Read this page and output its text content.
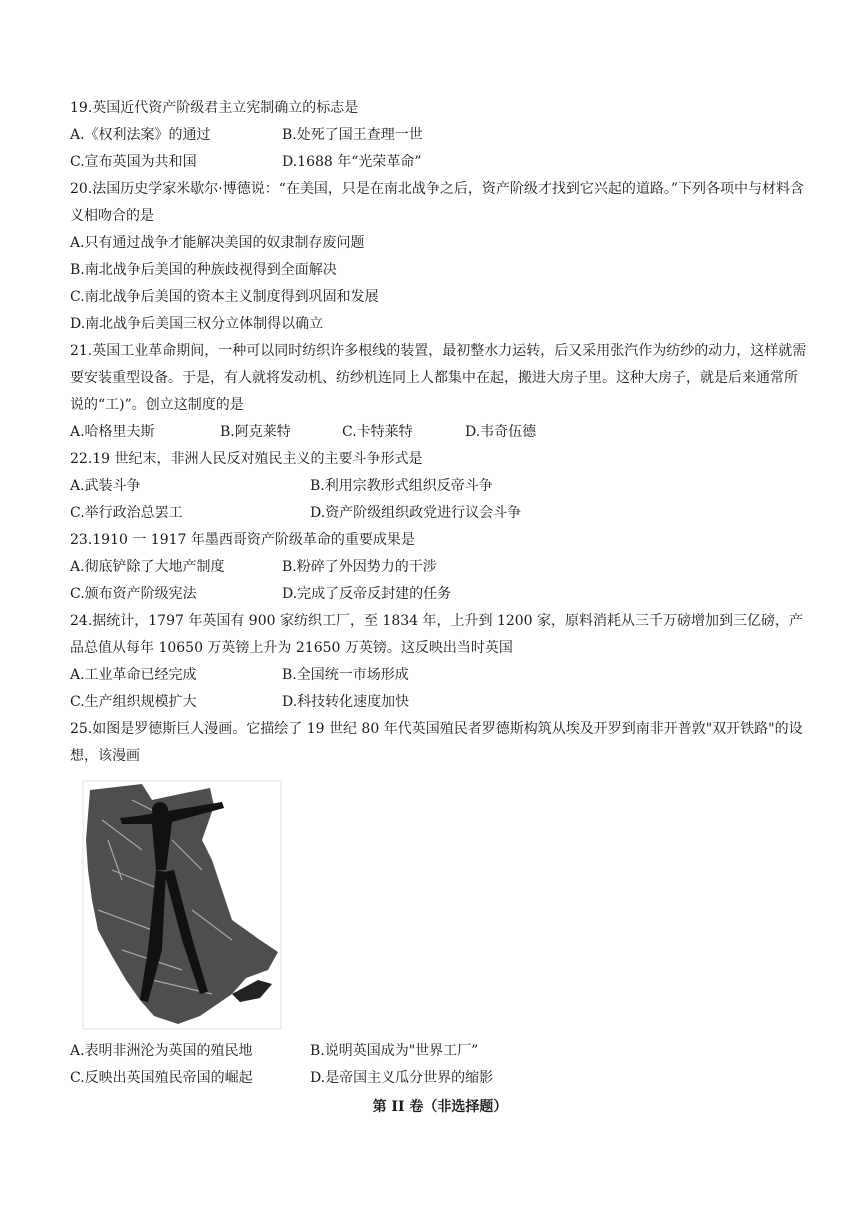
19.英国近代资产阶级君主立宪制确立的标志是
A.《权利法案》的通过	B.处死了国王查理一世
C.宣布英国为共和国	D.1688 年“光荣革命”
20.法国历史学家米歇尔·博德说：“在美国，只是在南北战争之后，资产阶级才找到它兴起的道路。”下列各项中与材料含义相吻合的是
A.只有通过战争才能解决美国的奴隶制存废问题
B.南北战争后美国的种族歧视得到全面解决
C.南北战争后美国的资本主义制度得到巩固和发展
D.南北战争后美国三权分立体制得以确立
21.英国工业革命期间，一种可以同时纺织许多根线的装置，最初整水力运转，后又采用张汽作为纺纱的动力，这样就需要安装重型设备。于是，有人就将发动机、纺纱机连同上人都集中在起，搬进大房子里。这种大房子，就是后来通常所说的“工)”。创立这制度的是
A.哈格里夫斯	B.阿克莱特	C.卡特莱特	D.韦奇伍德
22.19 世纪末，非洲人民反对殖民主义的主要斗争形式是
A.武装斗争	B.利用宗教形式组织反帝斗争
C.举行政治总罢工	D.资产阶级组织政党进行议会斗争
23.1910 一 1917 年墨西哥资产阶级革命的重要成果是
A.彻底铲除了大地产制度	B.粉碎了外因势力的干涉
C.颁布资产阶级宪法	D.完成了反帝反封建的任务
24.据统计，1797 年英国有 900 家纺织工厂，至 1834 年，上升到 1200 家，原料消耗从三千万磅增加到三亿磅，产品总值从每年 10650 万英镑上升为 21650 万英镑。这反映出当时英国
A.工业革命已经完成	B.全国统一市场形成
C.生产组织规模扩大	D.科技转化速度加快
25.如图是罗德斯巨人漫画。它描绘了 19 世纪 80 年代英国殖民者罗德斯构筑从埃及开罗到南非开普敦"双开铁路"的设想，该漫画
A.表明非洲沦为英国的殖民地	B.说明英国成为"世界工厂”
C.反映出英国殖民帝国的崛起	D.是帝国主义瓜分世界的缩影
第 II 卷（非选择题）
